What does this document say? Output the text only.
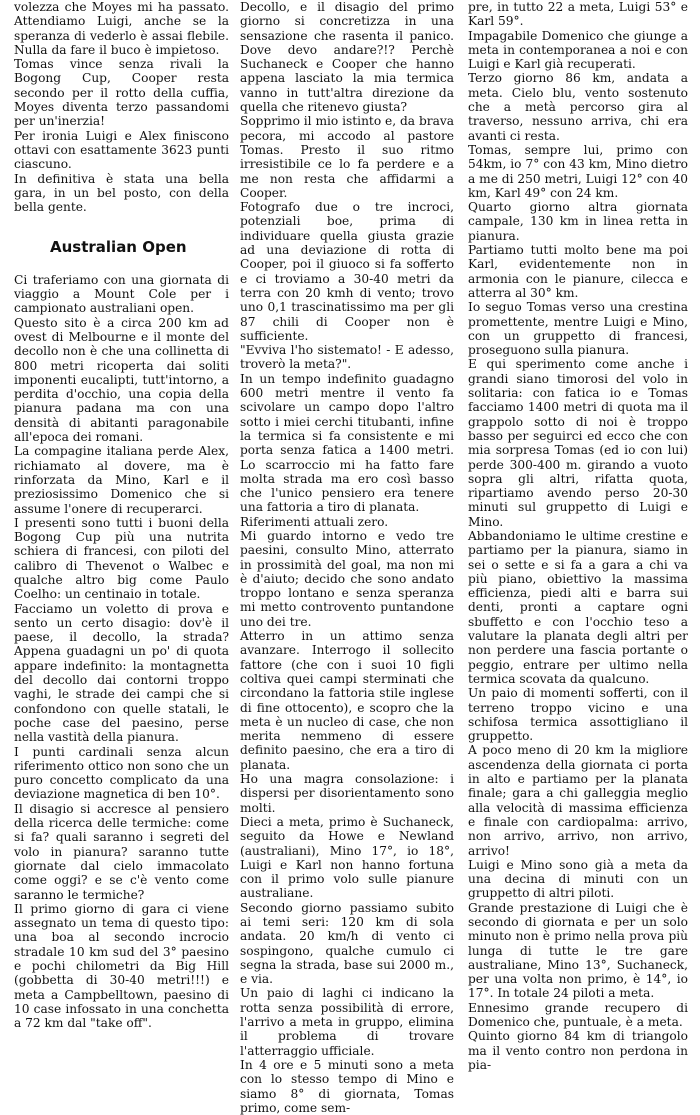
volezza che Moyes mi ha passato. Attendiamo Luigi, anche se la speranza di vederlo è assai flebile. Nulla da fare il buco è impietoso.

Tomas vince senza rivali la Bogong Cup, Cooper resta secondo per il rotto della cuffia, Moyes diventa terzo passandomi per un'inerzia!

Per ironia Luigi e Alex finiscono ottavi con esattamente 3623 punti ciascuno.

In definitiva è stata una bella gara, in un bel posto, con della bella gente.

Australian Open

Ci traferiamo con una giornata di viaggio a Mount Cole per i campionato australiani open.

Questo sito è a circa 200 km ad ovest di Melbourne e il monte del decollo non è che una collinetta di 800 metri ricoperta dai soliti imponenti eucalipti, tutt'intorno, a perdita d'occhio, una copia della pianura padana ma con una densità di abitanti paragonabile all'epoca dei romani.

La compagine italiana perde Alex, richiamato al dovere, ma è rinforzata da Mino, Karl e il preziosissimo Domenico che si assume l'onere di recuperarci.

I presenti sono tutti i buoni della Bogong Cup più una nutrita schiera di francesi, con piloti del calibro di Thevenot o Walbec e qualche altro big come Paulo Coelho: un centinaio in totale.

Facciamo un voletto di prova e sento un certo disagio: dov'è il paese, il decollo, la strada? Appena guadagni un po' di quota appare indefinito: la montagnetta del decollo dai contorni troppo vaghi, le strade dei campi che si confondono con quelle statali, le poche case del paesino, perse nella vastità della pianura.

I punti cardinali senza alcun riferimento ottico non sono che un puro concetto complicato da una deviazione magnetica di ben 10°.

Il disagio si accresce al pensiero della ricerca delle termiche: come si fa? quali saranno i segreti del volo in pianura? saranno tutte giornate dal cielo immacolato come oggi? e se c'è vento come saranno le termiche?

Il primo giorno di gara ci viene assegnato un tema di questo tipo: una boa al secondo incrocio stradale 10 km sud del 3° paesino e pochi chilometri da Big Hill (gobbetta di 30-40 metri!!!) e meta a Campbelltown, paesino di 10 case infossato in una conchetta a 72 km dal "take off".

Decollo, e il disagio del primo giorno si concretizza in una sensazione che rasenta il panico. Dove devo andare?!? Perchè Suchaneck e Cooper che hanno appena lasciato la mia termica vanno in tutt'altra direzione da quella che ritenevo giusta?

Sopprimo il mio istinto e, da brava pecora, mi accodo al pastore Tomas. Presto il suo ritmo irresistibile ce lo fa perdere e a me non resta che affidarmi a Cooper.

Fotografo due o tre incroci, potenziali boe, prima di individuare quella giusta grazie ad una deviazione di rotta di Cooper, poi il giuoco si fa sofferto e ci troviamo a 30-40 metri da terra con 20 kmh di vento; trovo uno 0,1 trascinatissimo ma per gli 87 chili di Cooper non è sufficiente.

"Evviva l'ho sistemato! - E adesso, troverò la meta?".

In un tempo indefinito guadagno 600 metri mentre il vento fa scivolare un campo dopo l'altro sotto i miei cerchi titubanti, infine la termica si fa consistente e mi porta senza fatica a 1400 metri. Lo scarroccio mi ha fatto fare molta strada ma ero così basso che l'unico pensiero era tenere una fattoria a tiro di planata.

Riferimenti attuali zero.

Mi guardo intorno e vedo tre paesini, consulto Mino, atterrato in prossimità del goal, ma non mi è d'aiuto; decido che sono andato troppo lontano e senza speranza mi metto controvento puntandone uno dei tre.

Atterro in un attimo senza avanzare. Interrogo il sollecito fattore (che con i suoi 10 figli coltiva quei campi sterminati che circondano la fattoria stile inglese di fine ottocento), e scopro che la meta è un nucleo di case, che non merita nemmeno di essere definito paesino, che era a tiro di planata.

Ho una magra consolazione: i dispersi per disorientamento sono molti.

Dieci a meta, primo è Suchaneck, seguito da Howe e Newland (australiani), Mino 17°, io 18°, Luigi e Karl non hanno fortuna con il primo volo sulle pianure australiane.

Secondo giorno passiamo subito ai temi seri: 120 km di sola andata. 20 km/h di vento ci sospingono, qualche cumulo ci segna la strada, base sui 2000 m., e via.

Un paio di laghi ci indicano la rotta senza possibilità di errore, l'arrivo a meta in gruppo, elimina il problema di trovare l'atterraggio ufficiale.

In 4 ore e 5 minuti sono a meta con lo stesso tempo di Mino e siamo 8° di giornata, Tomas primo, come sem-

pre, in tutto 22 a meta, Luigi 53° e Karl 59°.

Impagabile Domenico che giunge a meta in contemporanea a noi e con Luigi e Karl già recuperati.

Terzo giorno 86 km, andata a meta. Cielo blu, vento sostenuto che a metà percorso gira al traverso, nessuno arriva, chi era avanti ci resta.

Tomas, sempre lui, primo con 54km, io 7° con 43 km, Mino dietro a me di 250 metri, Luigi 12° con 40 km, Karl 49° con 24 km.

Quarto giorno altra giornata campale, 130 km in linea retta in pianura.

Partiamo tutti molto bene ma poi Karl, evidentemente non in armonia con le pianure, cilecca e atterra al 30° km.

Io seguo Tomas verso una crestina promettente, mentre Luigi e Mino, con un gruppetto di francesi, proseguono sulla pianura.

E qui sperimento come anche i grandi siano timorosi del volo in solitaria: con fatica io e Tomas facciamo 1400 metri di quota ma il grappolo sotto di noi è troppo basso per seguirci ed ecco che con mia sorpresa Tomas (ed io con lui) perde 300-400 m. girando a vuoto sopra gli altri, rifatta quota, ripartiamo avendo perso 20-30 minuti sul gruppetto di Luigi e Mino.

Abbandoniamo le ultime crestine e partiamo per la pianura, siamo in sei o sette e si fa a gara a chi va più piano, obiettivo la massima efficienza, piedi alti e barra sui denti, pronti a captare ogni sbuffetto e con l'occhio teso a valutare la planata degli altri per non perdere una fascia portante o peggio, entrare per ultimo nella termica scovata da qualcuno.

Un paio di momenti sofferti, con il terreno troppo vicino e una schifosa termica assottigliano il gruppetto.

A poco meno di 20 km la migliore ascendenza della giornata ci porta in alto e partiamo per la planata finale; gara a chi galleggia meglio alla velocità di massima efficienza e finale con cardiopalma: arrivo, non arrivo, arrivo, non arrivo, arrivo!

Luigi e Mino sono già a meta da una decina di minuti con un gruppetto di altri piloti.

Grande prestazione di Luigi che è secondo di giornata e per un solo minuto non è primo nella prova più lunga di tutte le tre gare australiane, Mino 13°, Suchaneck, per una volta non primo, è 14°, io 17°. In totale 24 piloti a meta.

Ennesimo grande recupero di Domenico che, puntuale, è a meta.

Quinto giorno 84 km di triangolo ma il vento contro non perdona in pia-
